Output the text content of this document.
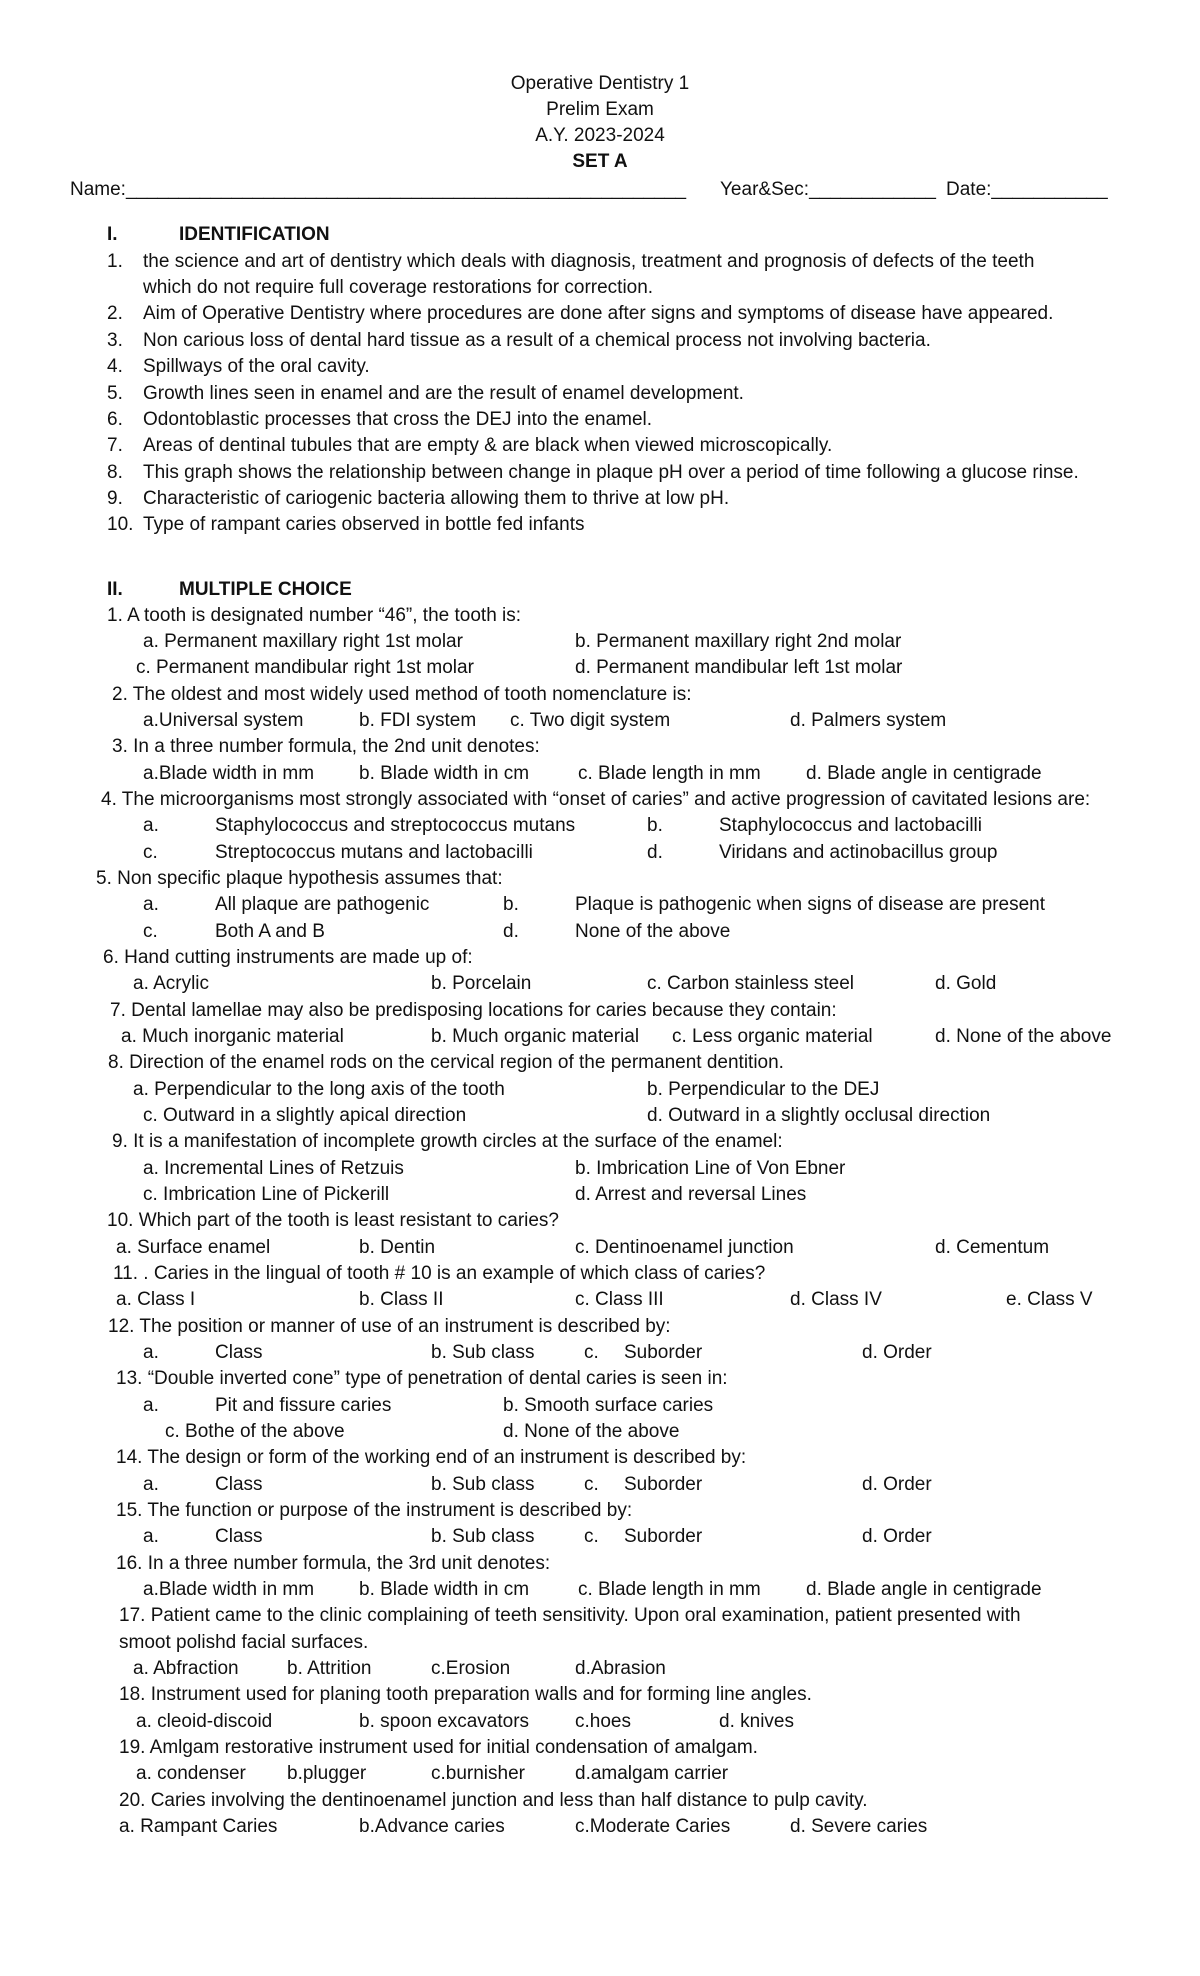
Operative Dentistry 1
Prelim Exam
A.Y. 2023-2024
SET A
Name:_____________________________________________________ Year&Sec:____________ Date:___________
I.	IDENTIFICATION
1. the science and art of dentistry which deals with diagnosis, treatment and prognosis of defects of the teeth
which do not require full coverage restorations for correction.
2. Aim of Operative Dentistry where procedures are done after signs and symptoms of disease have appeared.
3. Non carious loss of dental hard tissue as a result of a chemical process not involving bacteria.
4. Spillways of the oral cavity.
5. Growth lines seen in enamel and are the result of enamel development.
6. Odontoblastic processes that cross the DEJ into the enamel.
7. Areas of dentinal tubules that are empty & are black when viewed microscopically.
8. This graph shows the relationship between change in plaque pH over a period of time following a glucose rinse.
9. Characteristic of cariogenic bacteria allowing them to thrive at low pH.
10. Type of rampant caries observed in bottle fed infants
II.	MULTIPLE CHOICE
1. A tooth is designated number “46”, the tooth is:
a. Permanent maxillary right 1st molar	b. Permanent maxillary right 2nd molar
c. Permanent mandibular right 1st molar	d. Permanent mandibular left 1st molar
2. The oldest and most widely used method of tooth nomenclature is:
a.Universal system	b. FDI system c. Two digit system	d. Palmers system
3. In a three number formula, the 2nd unit denotes:
a.Blade width in mm b. Blade width in cm	c. Blade length in mm d. Blade angle in centigrade
4. The microorganisms most strongly associated with “onset of caries” and active progression of cavitated lesions are:
a.	Staphylococcus and streptococcus mutans	b.	Staphylococcus and lactobacilli
c.	Streptococcus mutans and lactobacilli	d.	Viridans and actinobacillus group
5. Non specific plaque hypothesis assumes that:
a.	All plaque are pathogenic	b.	Plaque is pathogenic when signs of disease are present
c.	Both A and B	d.	None of the above
6. Hand cutting instruments are made up of:
a. Acrylic	b. Porcelain	c. Carbon stainless steel	d. Gold
7. Dental lamellae may also be predisposing locations for caries because they contain:
a. Much inorganic material	b. Much organic material c. Less organic material	d. None of the above
8. Direction of the enamel rods on the cervical region of the permanent dentition.
a. Perpendicular to the long axis of the tooth	b. Perpendicular to the DEJ
c. Outward in a slightly apical direction	d. Outward in a slightly occlusal direction
9. It is a manifestation of incomplete growth circles at the surface of the enamel:
a. Incremental Lines of Retzuis	b. Imbrication Line of Von Ebner
c. Imbrication Line of Pickerill	d. Arrest and reversal Lines
10. Which part of the tooth is least resistant to caries?
a. Surface enamel	b. Dentin	c. Dentinoenamel junction	d. Cementum
11. . Caries in the lingual of tooth # 10 is an example of which class of caries?
a. Class I	b. Class II	c. Class III	d. Class IV	e. Class V
12. The position or manner of use of an instrument is described by:
a.	Class	b. Sub class	c. Suborder	d. Order
13. “Double inverted cone” type of penetration of dental caries is seen in:
a.	Pit and fissure caries	b. Smooth surface caries
c. Bothe of the above	d. None of the above
14. The design or form of the working end of an instrument is described by:
a.	Class	b. Sub class	c. Suborder	d. Order
15. The function or purpose of the instrument is described by:
a.	Class	b. Sub class	c. Suborder	d. Order
16. In a three number formula, the 3rd unit denotes:
a.Blade width in mm b. Blade width in cm	c. Blade length in mm d. Blade angle in centigrade
17. Patient came to the clinic complaining of teeth sensitivity. Upon oral examination, patient presented with
smoot polishd facial surfaces.
a. Abfraction	b. Attrition	c.Erosion	d.Abrasion
18. Instrument used for planing tooth preparation walls and for forming line angles.
a. cleoid-discoid	b. spoon excavators c.hoes	d. knives
19. Amlgam restorative instrument used for initial condensation of amalgam.
a. condenser b.plugger	c.burnisher	d.amalgam carrier
20. Caries involving the dentinoenamel junction and less than half distance to pulp cavity.
a. Rampant Caries	b.Advance caries	c.Moderate Caries	d. Severe caries
